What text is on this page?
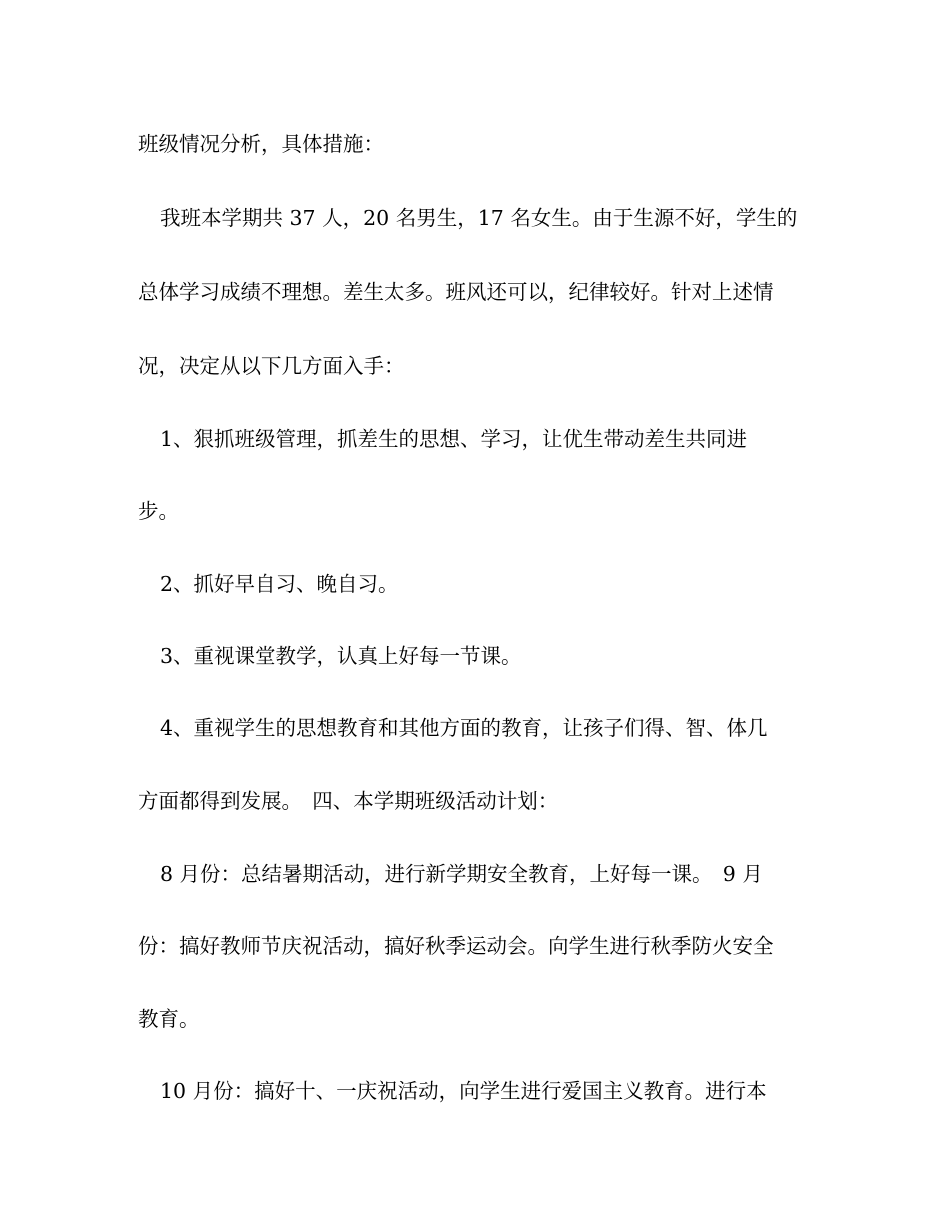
班级情况分析，具体措施：

我班本学期共 37 人，20 名男生，17 名女生。由于生源不好，学生的

总体学习成绩不理想。差生太多。班风还可以，纪律较好。针对上述情

况，决定从以下几方面入手：

1、狠抓班级管理，抓差生的思想、学习，让优生带动差生共同进

步。

2、抓好早自习、晚自习。

3、重视课堂教学，认真上好每一节课。

4、重视学生的思想教育和其他方面的教育，让孩子们得、智、体几

方面都得到发展。　四、本学期班级活动计划：

8 月份：总结暑期活动，进行新学期安全教育，上好每一课。　9 月

份：搞好教师节庆祝活动，搞好秋季运动会。向学生进行秋季防火安全

教育。

10 月份：搞好十、一庆祝活动，向学生进行爱国主义教育。进行本
